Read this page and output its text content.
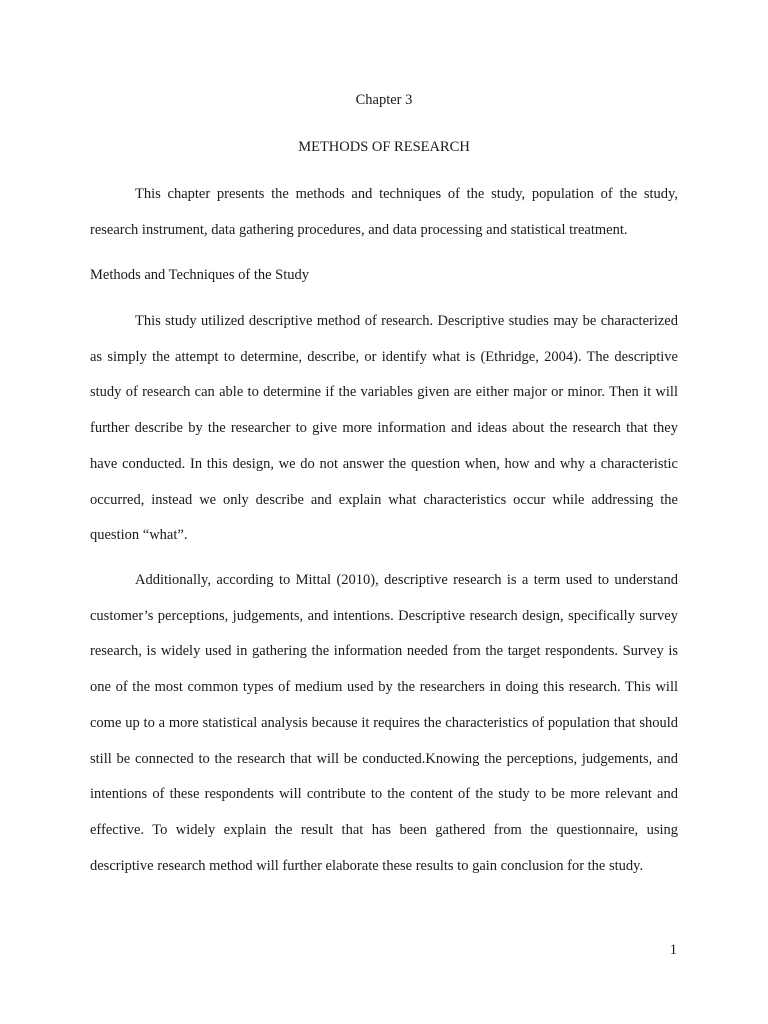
Chapter 3
METHODS OF RESEARCH

This chapter presents the methods and techniques of the study, population of the study, research instrument, data gathering procedures, and data processing and statistical treatment.

Methods and Techniques of the Study

This study utilized descriptive method of research. Descriptive studies may be characterized as simply the attempt to determine, describe, or identify what is (Ethridge, 2004). The descriptive study of research can able to determine if the variables given are either major or minor. Then it will further describe by the researcher to give more information and ideas about the research that they have conducted. In this design, we do not answer the question when, how and why a characteristic occurred, instead we only describe and explain what characteristics occur while addressing the question “what”.

Additionally, according to Mittal (2010), descriptive research is a term used to understand customer’s perceptions, judgements, and intentions. Descriptive research design, specifically survey research, is widely used in gathering the information needed from the target respondents. Survey is one of the most common types of medium used by the researchers in doing this research. This will come up to a more statistical analysis because it requires the characteristics of population that should still be connected to the research that will be conducted.Knowing the perceptions, judgements, and intentions of these respondents will contribute to the content of the study to be more relevant and effective. To widely explain the result that has been gathered from the questionnaire, using descriptive research method will further elaborate these results to gain conclusion for the study.

1
